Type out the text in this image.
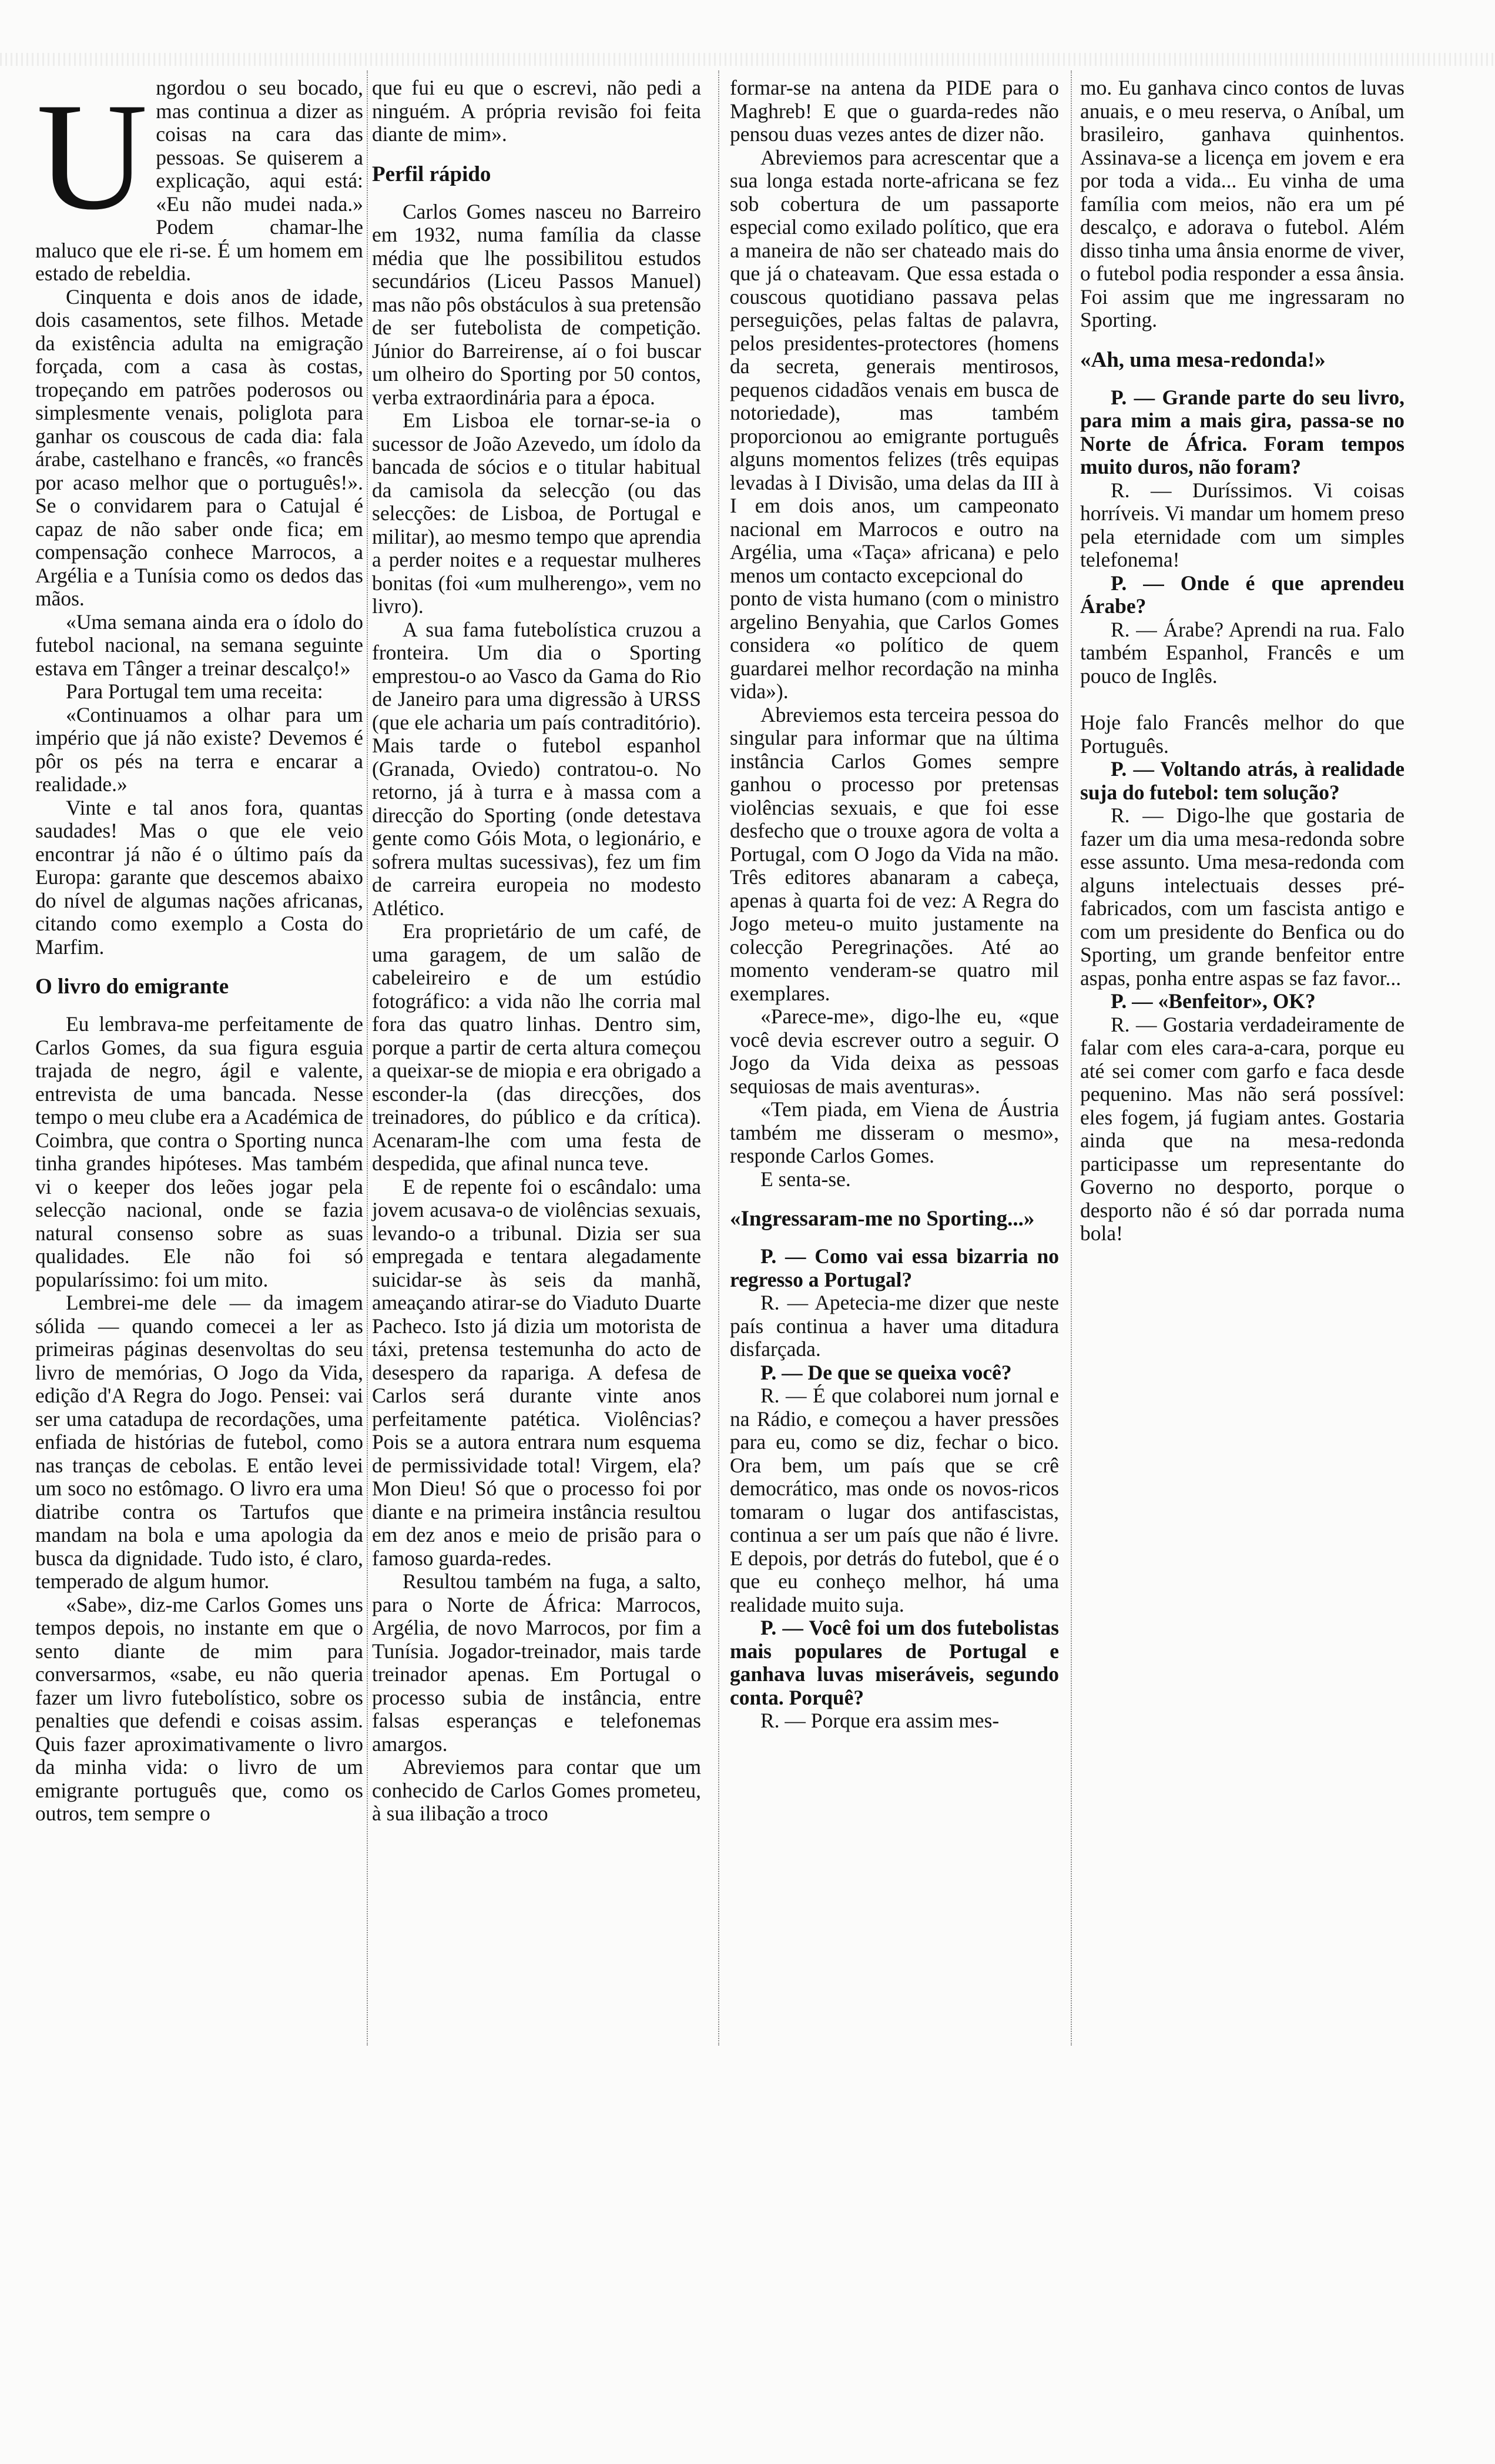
U ngordou o seu bocado, mas continua a dizer as coisas na cara das pessoas. Se quiserem a explicação, aqui está: «Eu não mudei nada.» Podem chamar-lhe maluco que ele ri-se. É um homem em estado de rebeldia.

Cinquenta e dois anos de idade, dois casamentos, sete filhos. Metade da existência adulta na emigração forçada, com a casa às costas, tropeçando em patrões poderosos ou simplesmente venais, poliglota para ganhar os couscous de cada dia: fala árabe, castelhano e francês, «o francês por acaso melhor que o português!». Se o convidarem para o Catujal é capaz de não saber onde fica; em compensação conhece Marrocos, a Argélia e a Tunísia como os dedos das mãos.

«Uma semana ainda era o ídolo do futebol nacional, na semana seguinte estava em Tânger a treinar descalço!»

Para Portugal tem uma receita:

«Continuamos a olhar para um império que já não existe? Devemos é pôr os pés na terra e encarar a realidade.»

Vinte e tal anos fora, quantas saudades! Mas o que ele veio encontrar já não é o último país da Europa: garante que descemos abaixo do nível de algumas nações africanas, citando como exemplo a Costa do Marfim.

O livro do emigrante

Eu lembrava-me perfeitamente de Carlos Gomes, da sua figura esguia trajada de negro, ágil e valente, entrevista de uma bancada. Nesse tempo o meu clube era a Académica de Coimbra, que contra o Sporting nunca tinha grandes hipóteses. Mas também vi o keeper dos leões jogar pela selecção nacional, onde se fazia natural consenso sobre as suas qualidades. Ele não foi só popularíssimo: foi um mito.

Lembrei-me dele — da imagem sólida — quando comecei a ler as primeiras páginas desenvoltas do seu livro de memórias, O Jogo da Vida, edição d'A Regra do Jogo. Pensei: vai ser uma catadupa de recordações, uma enfiada de histórias de futebol, como nas tranças de cebolas. E então levei um soco no estômago. O livro era uma diatribe contra os Tartufos que mandam na bola e uma apologia da busca da dignidade. Tudo isto, é claro, temperado de algum humor.

«Sabe», diz-me Carlos Gomes uns tempos depois, no instante em que o sento diante de mim para conversarmos, «sabe, eu não queria fazer um livro futebolístico, sobre os penalties que defendi e coisas assim. Quis fazer aproximativamente o livro da minha vida: o livro de um emigrante português que, como os outros, tem sempre o

que fui eu que o escrevi, não pedi a ninguém. A própria revisão foi feita diante de mim».

Perfil rápido

Carlos Gomes nasceu no Barreiro em 1932, numa família da classe média que lhe possibilitou estudos secundários (Liceu Passos Manuel) mas não pôs obstáculos à sua pretensão de ser futebolista de competição. Júnior do Barreirense, aí o foi buscar um olheiro do Sporting por 50 contos, verba extraordinária para a época.

Em Lisboa ele tornar-se-ia o sucessor de João Azevedo, um ídolo da bancada de sócios e o titular habitual da camisola da selecção (ou das selecções: de Lisboa, de Portugal e militar), ao mesmo tempo que aprendia a perder noites e a requestar mulheres bonitas (foi «um mulherengo», vem no livro).

A sua fama futebolística cruzou a fronteira. Um dia o Sporting emprestou-o ao Vasco da Gama do Rio de Janeiro para uma digressão à URSS (que ele acharia um país contraditório). Mais tarde o futebol espanhol (Granada, Oviedo) contratou-o. No retorno, já à turra e à massa com a direcção do Sporting (onde detestava gente como Góis Mota, o legionário, e sofrera multas sucessivas), fez um fim de carreira europeia no modesto Atlético.

Era proprietário de um café, de uma garagem, de um salão de cabeleireiro e de um estúdio fotográfico: a vida não lhe corria mal fora das quatro linhas. Dentro sim, porque a partir de certa altura começou a queixar-se de miopia e era obrigado a esconder-la (das direcções, dos treinadores, do público e da crítica). Acenaram-lhe com uma festa de despedida, que afinal nunca teve.

E de repente foi o escândalo: uma jovem acusava-o de violências sexuais, levando-o a tribunal. Dizia ser sua empregada e tentara alegadamente suicidar-se às seis da manhã, ameaçando atirar-se do Viaduto Duarte Pacheco. Isto já dizia um motorista de táxi, pretensa testemunha do acto de desespero da rapariga. A defesa de Carlos será durante vinte anos perfeitamente patética. Violências? Pois se a autora entrara num esquema de permissividade total! Virgem, ela? Mon Dieu! Só que o processo foi por diante e na primeira instância resultou em dez anos e meio de prisão para o famoso guarda-redes.

Resultou também na fuga, a salto, para o Norte de África: Marrocos, Argélia, de novo Marrocos, por fim a Tunísia. Jogador-treinador, mais tarde treinador apenas. Em Portugal o processo subia de instância, entre falsas esperanças e telefonemas amargos.

Abreviemos para contar que um conhecido de Carlos Gomes prometeu, à sua ilibação a troco

formar-se na antena da PIDE para o Maghreb! E que o guarda-redes não pensou duas vezes antes de dizer não.

Abreviemos para acrescentar que a sua longa estada norte-africana se fez sob cobertura de um passaporte especial como exilado político, que era a maneira de não ser chateado mais do que já o chateavam. Que essa estada o couscous quotidiano passava pelas perseguições, pelas faltas de palavra, pelos presidentes-protectores (homens da secreta, generais mentirosos, pequenos cidadãos venais em busca de notoriedade), mas também proporcionou ao emigrante português alguns momentos felizes (três equipas levadas à I Divisão, uma delas da III à I em dois anos, um campeonato nacional em Marrocos e outro na Argélia, uma «Taça» africana) e pelo menos um contacto excepcional do

ponto de vista humano (com o ministro argelino Benyahia, que Carlos Gomes considera «o político de quem guardarei melhor recordação na minha vida»).

Abreviemos esta terceira pessoa do singular para informar que na última instância Carlos Gomes sempre ganhou o processo por pretensas violências sexuais, e que foi esse desfecho que o trouxe agora de volta a Portugal, com O Jogo da Vida na mão. Três editores abanaram a cabeça, apenas à quarta foi de vez: A Regra do Jogo meteu-o muito justamente na colecção Peregrinações. Até ao momento venderam-se quatro mil exemplares.

«Parece-me», digo-lhe eu, «que você devia escrever outro a seguir. O Jogo da Vida deixa as pessoas sequiosas de mais aventuras».

«Tem piada, em Viena de Áustria também me disseram o mesmo», responde Carlos Gomes.

E senta-se.

«Ingressaram-me no Sporting...»

P. — Como vai essa bizarria no regresso a Portugal?

R. — Apetecia-me dizer que neste país continua a haver uma ditadura disfarçada.

P. — De que se queixa você?

R. — É que colaborei num jornal e na Rádio, e começou a haver pressões para eu, como se diz, fechar o bico. Ora bem, um país que se crê democrático, mas onde os novos-ricos tomaram o lugar dos antifascistas, continua a ser um país que não é livre. E depois, por detrás do futebol, que é o que eu conheço melhor, há uma realidade muito suja.

P. — Você foi um dos futebolistas mais populares de Portugal e ganhava luvas miseráveis, segundo conta. Porquê?

R. — Porque era assim mes-

mo. Eu ganhava cinco contos de luvas anuais, e o meu reserva, o Aníbal, um brasileiro, ganhava quinhentos. Assinava-se a licença em jovem e era por toda a vida... Eu vinha de uma família com meios, não era um pé descalço, e adorava o futebol. Além disso tinha uma ânsia enorme de viver, o futebol podia responder a essa ânsia. Foi assim que me ingressaram no Sporting.

«Ah, uma mesa-redonda!»

P. — Grande parte do seu livro, para mim a mais gira, passa-se no Norte de África. Foram tempos muito duros, não foram?

R. — Duríssimos. Vi coisas horríveis. Vi mandar um homem preso pela eternidade com um simples telefonema!

P. — Onde é que aprendeu Árabe?

R. — Árabe? Aprendi na rua. Falo também Espanhol, Francês e um pouco de Inglês.

Hoje falo Francês melhor do que Português.

P. — Voltando atrás, à realidade suja do futebol: tem solução?

R. — Digo-lhe que gostaria de fazer um dia uma mesa-redonda sobre esse assunto. Uma mesa-redonda com alguns intelectuais desses pré-fabricados, com um fascista antigo e com um presidente do Benfica ou do Sporting, um grande benfeitor entre aspas, ponha entre aspas se faz favor...

P. — «Benfeitor», OK?

R. — Gostaria verdadeiramente de falar com eles cara-a-cara, porque eu até sei comer com garfo e faca desde pequenino. Mas não será possível: eles fogem, já fugiam antes. Gostaria ainda que na mesa-redonda participasse um representante do Governo no desporto, porque o desporto não é só dar porrada numa bola!
